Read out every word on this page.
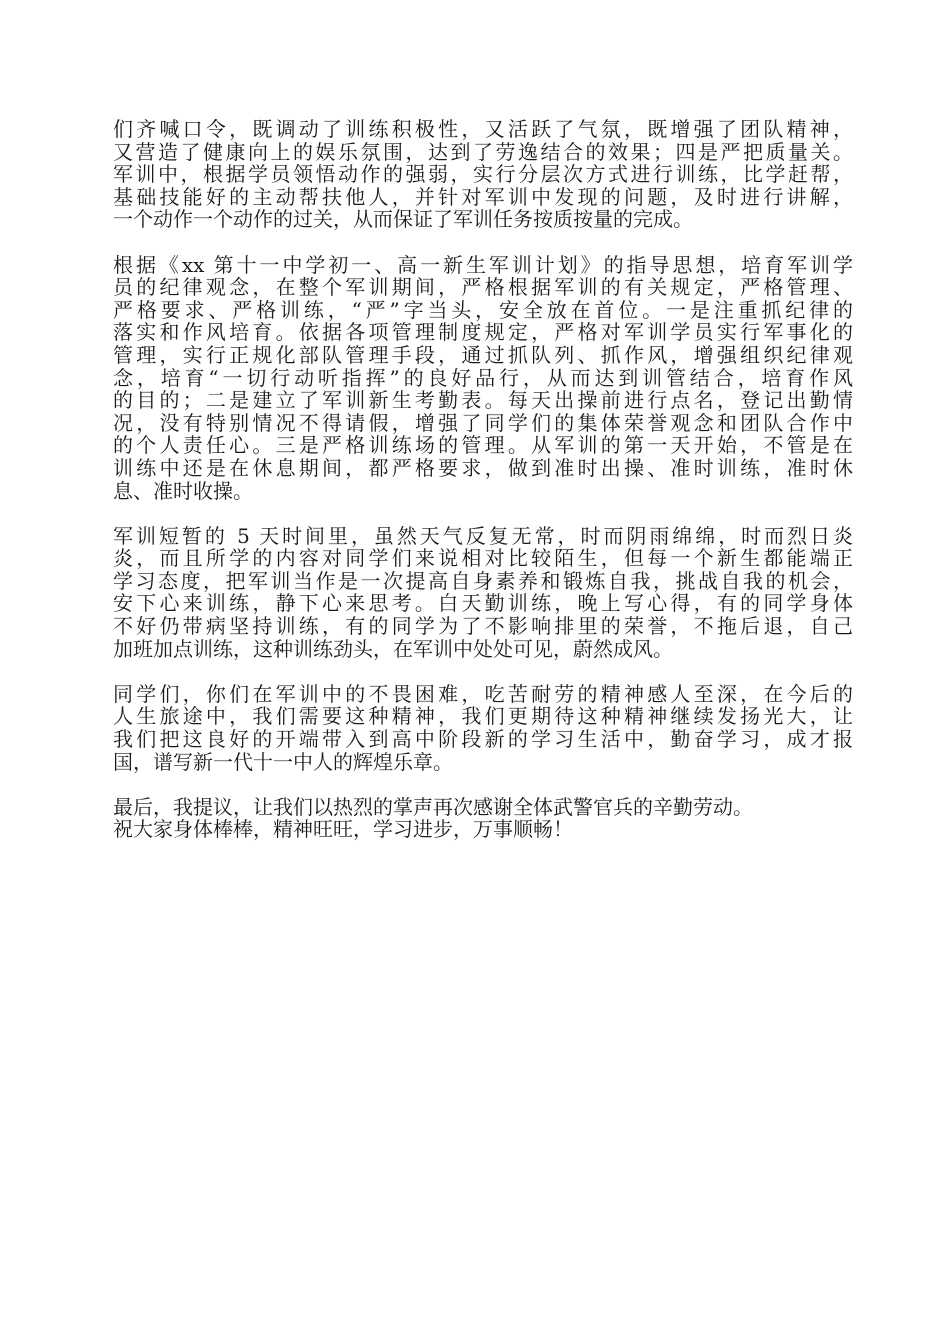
们齐喊口令，既调动了训练积极性，又活跃了气氛，既增强了团队精神，
又营造了健康向上的娱乐氛围，达到了劳逸结合的效果；四是严把质量关。
军训中，根据学员领悟动作的强弱，实行分层次方式进行训练，比学赶帮，
基础技能好的主动帮扶他人，并针对军训中发现的问题，及时进行讲解，
一个动作一个动作的过关，从而保证了军训任务按质按量的完成。

根据《xx 第十一中学初一、高一新生军训计划》的指导思想，培育军训学
员的纪律观念，在整个军训期间，严格根据军训的有关规定，严格管理、
严格要求、严格训练，“严”字当头，安全放在首位。一是注重抓纪律的
落实和作风培育。依据各项管理制度规定，严格对军训学员实行军事化的
管理，实行正规化部队管理手段，通过抓队列、抓作风，增强组织纪律观
念，培育“一切行动听指挥”的良好品行，从而达到训管结合，培育作风
的目的；二是建立了军训新生考勤表。每天出操前进行点名，登记出勤情
况，没有特别情况不得请假，增强了同学们的集体荣誉观念和团队合作中
的个人责任心。三是严格训练场的管理。从军训的第一天开始，不管是在
训练中还是在休息期间，都严格要求，做到准时出操、准时训练，准时休
息、准时收操。

军训短暂的 5 天时间里，虽然天气反复无常，时而阴雨绵绵，时而烈日炎
炎，而且所学的内容对同学们来说相对比较陌生，但每一个新生都能端正
学习态度，把军训当作是一次提高自身素养和锻炼自我，挑战自我的机会，
安下心来训练，静下心来思考。白天勤训练，晚上写心得，有的同学身体
不好仍带病坚持训练，有的同学为了不影响排里的荣誉，不拖后退，自己
加班加点训练，这种训练劲头，在军训中处处可见，蔚然成风。

同学们，你们在军训中的不畏困难，吃苦耐劳的精神感人至深，在今后的
人生旅途中，我们需要这种精神，我们更期待这种精神继续发扬光大，让
我们把这良好的开端带入到高中阶段新的学习生活中，勤奋学习，成才报
国，谱写新一代十一中人的辉煌乐章。

最后，我提议，让我们以热烈的掌声再次感谢全体武警官兵的辛勤劳动。
祝大家身体棒棒，精神旺旺，学习进步，万事顺畅！
